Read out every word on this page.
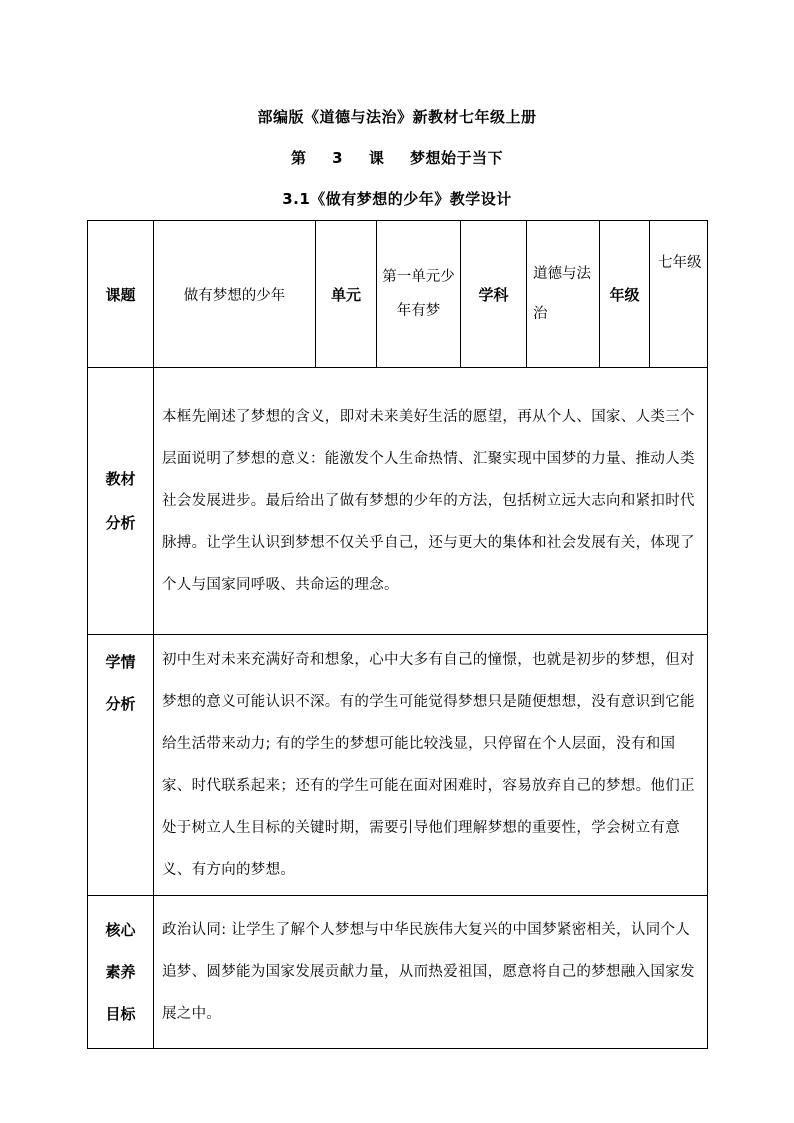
部编版《道德与法治》新教材七年级上册
第 3 课 梦想始于当下
3.1《做有梦想的少年》教学设计
课题	做有梦想的少年	单元	第一单元少年有梦	学科	道德与法治	年级	七年级

教材分析	本框先阐述了梦想的含义，即对未来美好生活的愿望，再从个人、国家、人类三个层面说明了梦想的意义：能激发个人生命热情、汇聚实现中国梦的力量、推动人类社会发展进步。最后给出了做有梦想的少年的方法，包括树立远大志向和紧扣时代脉搏。让学生认识到梦想不仅关乎自己，还与更大的集体和社会发展有关，体现了个人与国家同呼吸、共命运的理念。						

学情分析	初中生对未来充满好奇和想象，心中大多有自己的憧憬，也就是初步的梦想，但对梦想的意义可能认识不深。有的学生可能觉得梦想只是随便想想，没有意识到它能给生活带来动力; 有的学生的梦想可能比较浅显，只停留在个人层面，没有和国家、时代联系起来；还有的学生可能在面对困难时，容易放弃自己的梦想。他们正处于树立人生目标的关键时期，需要引导他们理解梦想的重要性，学会树立有意义、有方向的梦想。						

核心素养目标	政治认同: 让学生了解个人梦想与中华民族伟大复兴的中国梦紧密相关，认同个人追梦、圆梦能为国家发展贡献力量，从而热爱祖国，愿意将自己的梦想融入国家发展之中。						
